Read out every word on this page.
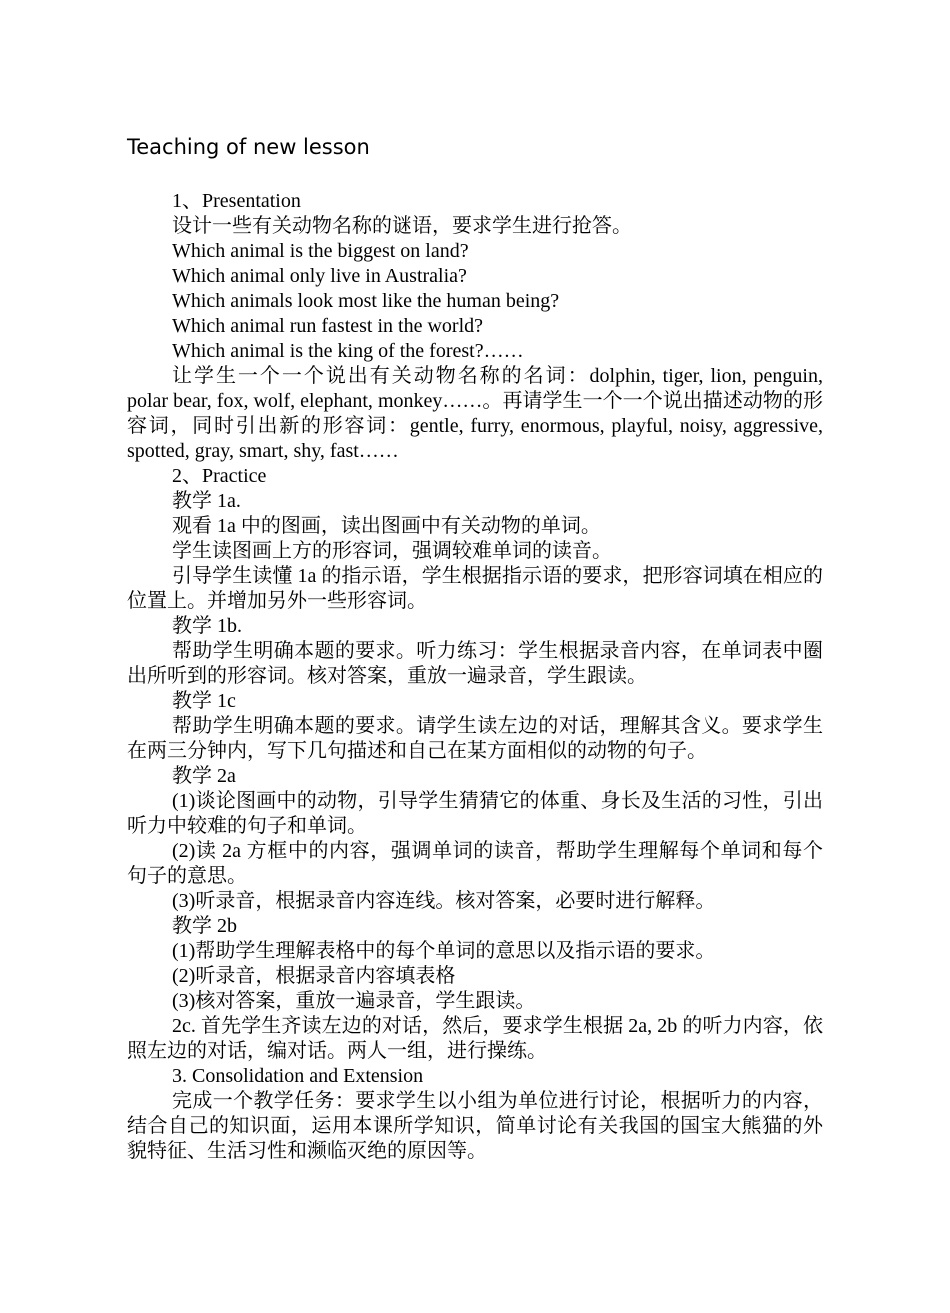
Teaching of new lesson

1、Presentation

设计一些有关动物名称的谜语，要求学生进行抢答。

Which animal is the biggest on land?

Which animal only live in Australia?

Which animals look most like the human being?

Which animal run fastest in the world?

Which animal is the king of the forest?……

让学生一个一个说出有关动物名称的名词：dolphin, tiger, lion, penguin, polar bear, fox, wolf, elephant, monkey……。再请学生一个一个说出描述动物的形容词，同时引出新的形容词：gentle, furry, enormous, playful, noisy, aggressive, spotted, gray, smart, shy, fast……

2、Practice

教学 1a.

观看 1a 中的图画，读出图画中有关动物的单词。

学生读图画上方的形容词，强调较难单词的读音。

引导学生读懂 1a 的指示语，学生根据指示语的要求，把形容词填在相应的位置上。并增加另外一些形容词。

教学 1b.

帮助学生明确本题的要求。听力练习：学生根据录音内容，在单词表中圈出所听到的形容词。核对答案，重放一遍录音，学生跟读。

教学 1c

帮助学生明确本题的要求。请学生读左边的对话，理解其含义。要求学生在两三分钟内，写下几句描述和自己在某方面相似的动物的句子。

教学 2a

(1)谈论图画中的动物，引导学生猜猜它的体重、身长及生活的习性，引出听力中较难的句子和单词。

(2)读 2a 方框中的内容，强调单词的读音，帮助学生理解每个单词和每个句子的意思。

(3)听录音，根据录音内容连线。核对答案，必要时进行解释。

教学 2b

(1)帮助学生理解表格中的每个单词的意思以及指示语的要求。

(2)听录音，根据录音内容填表格

(3)核对答案，重放一遍录音，学生跟读。

2c. 首先学生齐读左边的对话，然后，要求学生根据 2a, 2b 的听力内容，依照左边的对话，编对话。两人一组，进行操练。

3. Consolidation and Extension

完成一个教学任务：要求学生以小组为单位进行讨论，根据听力的内容，结合自己的知识面，运用本课所学知识，简单讨论有关我国的国宝大熊猫的外貌特征、生活习性和濒临灭绝的原因等。
